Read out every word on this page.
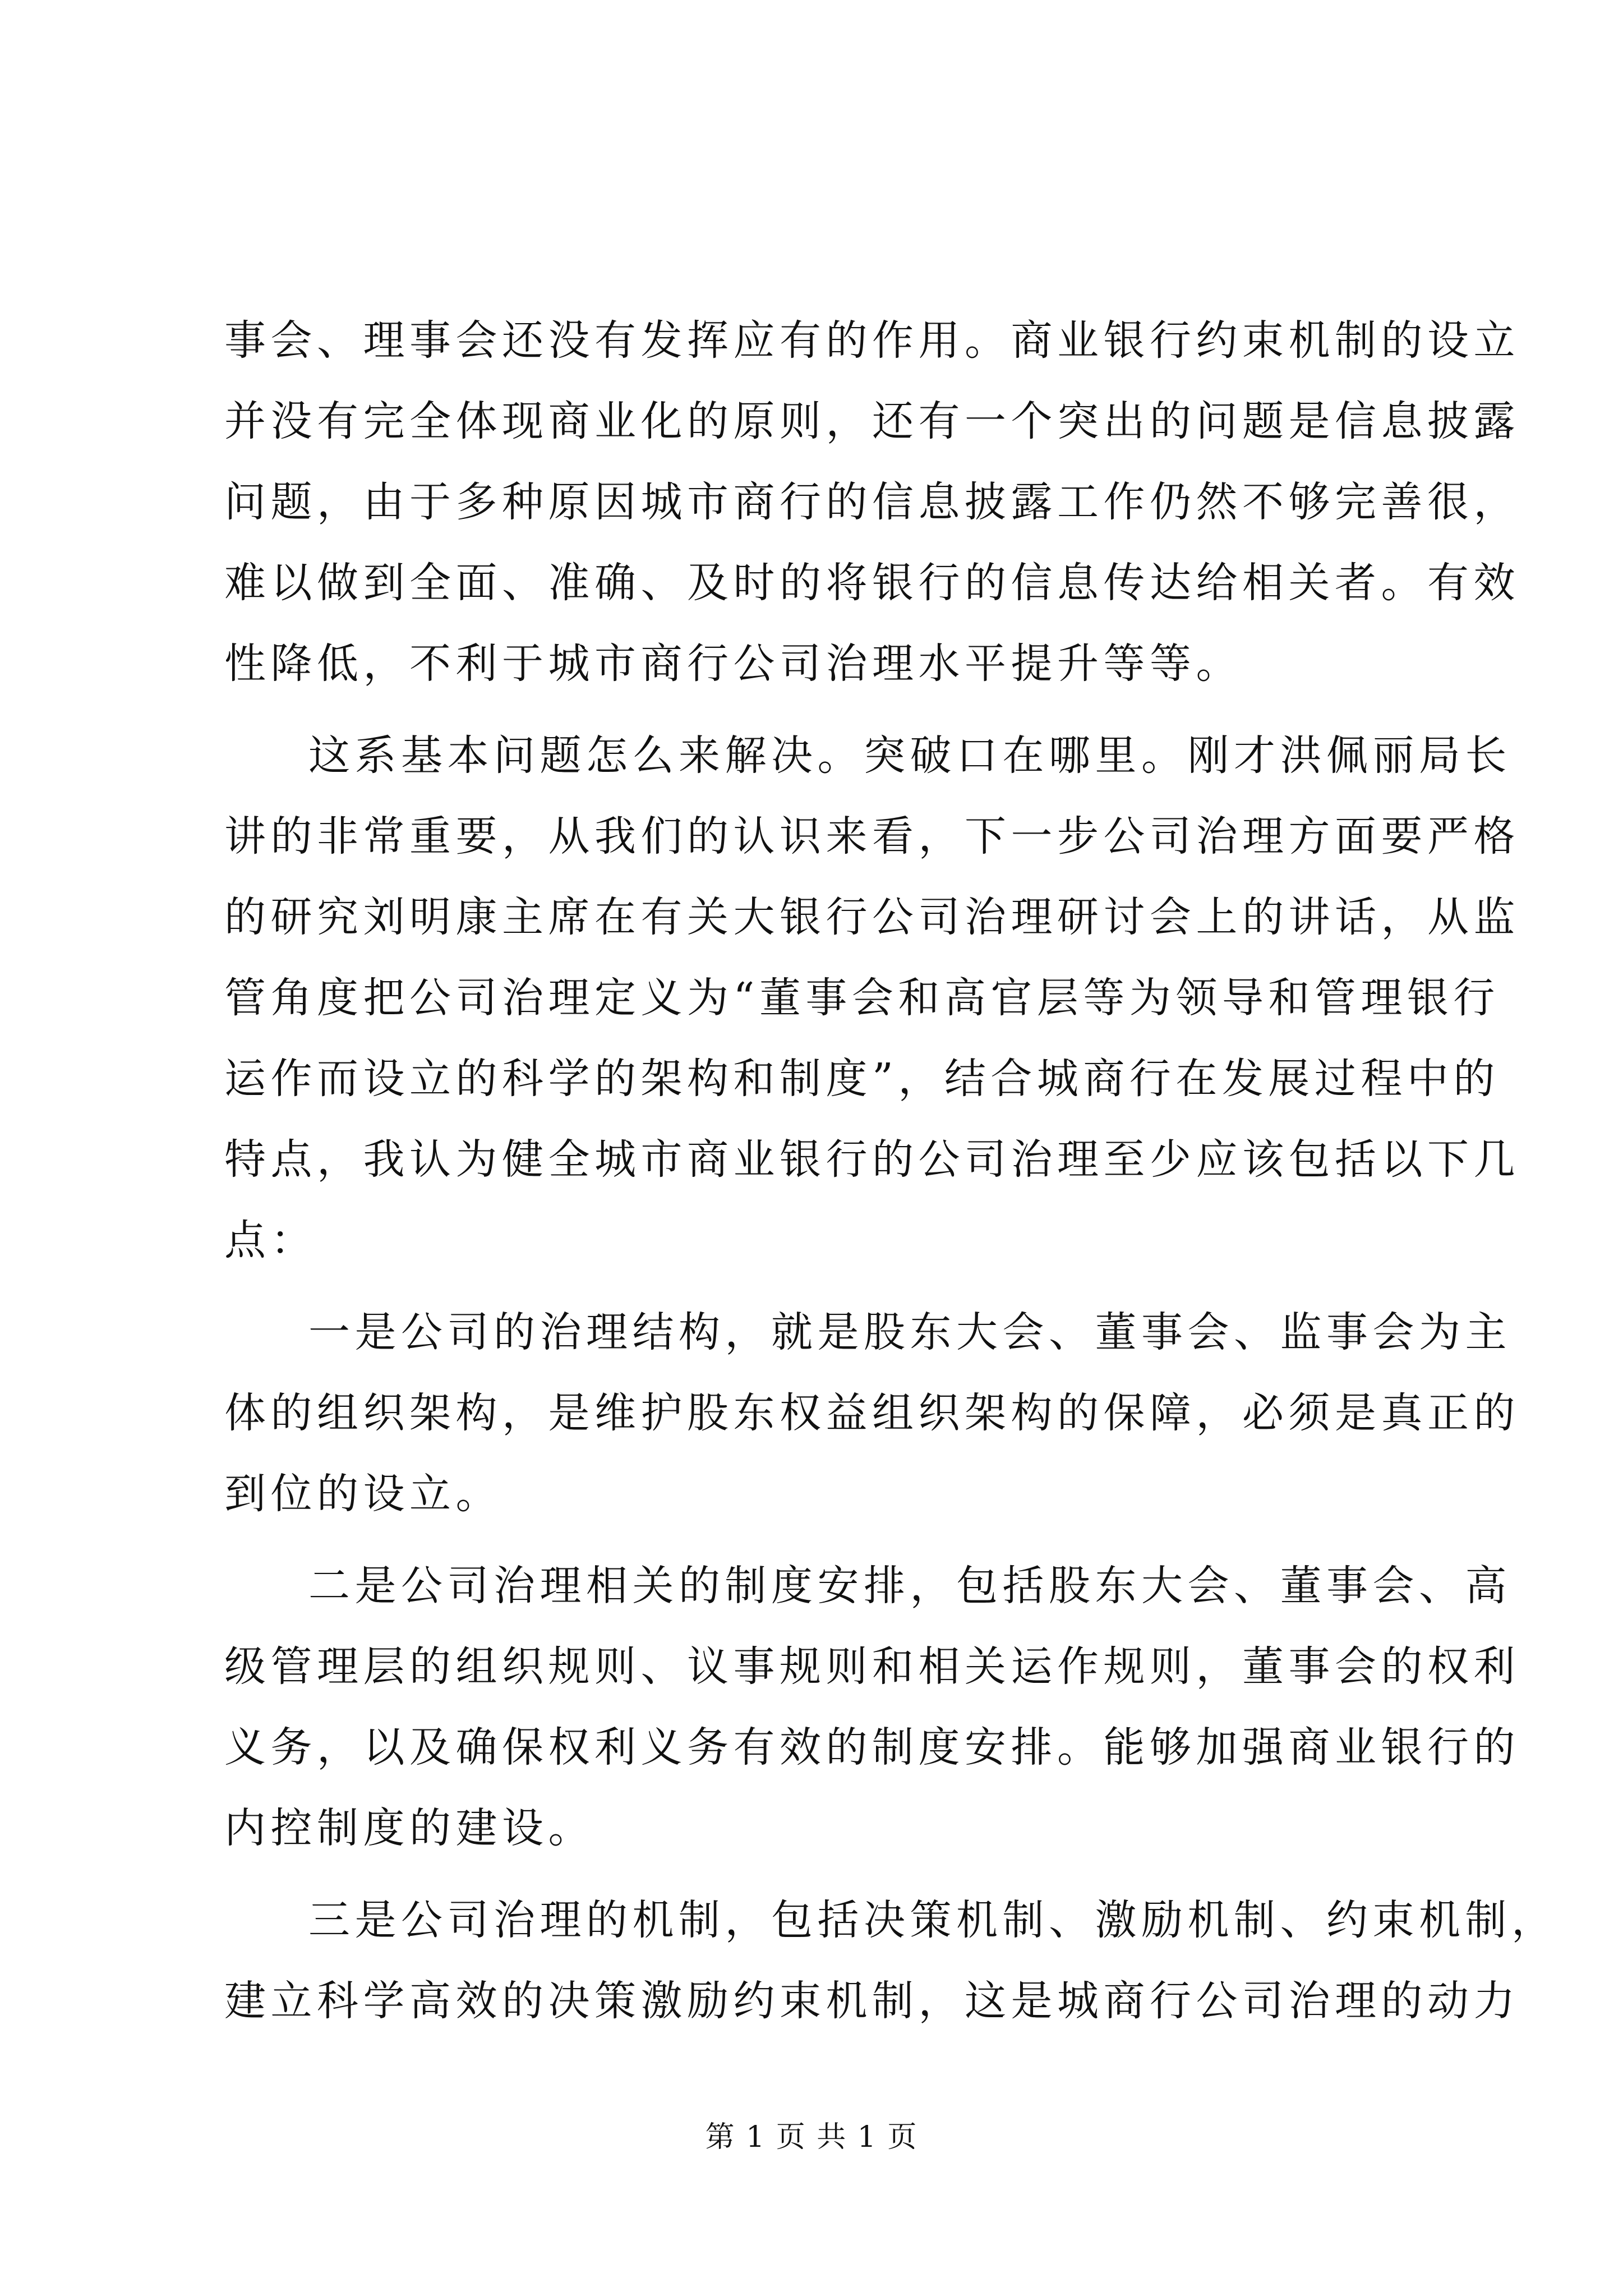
事会、理事会还没有发挥应有的作用。商业银行约束机制的设立
并没有完全体现商业化的原则，还有一个突出的问题是信息披露
问题，由于多种原因城市商行的信息披露工作仍然不够完善很，
难以做到全面、准确、及时的将银行的信息传达给相关者。有效
性降低，不利于城市商行公司治理水平提升等等。
这系基本问题怎么来解决。突破口在哪里。刚才洪佩丽局长
讲的非常重要，从我们的认识来看，下一步公司治理方面要严格
的研究刘明康主席在有关大银行公司治理研讨会上的讲话，从监
管角度把公司治理定义为“董事会和高官层等为领导和管理银行
运作而设立的科学的架构和制度”，结合城商行在发展过程中的
特点，我认为健全城市商业银行的公司治理至少应该包括以下几
点：
一是公司的治理结构，就是股东大会、董事会、监事会为主
体的组织架构，是维护股东权益组织架构的保障，必须是真正的
到位的设立。
二是公司治理相关的制度安排，包括股东大会、董事会、高
级管理层的组织规则、议事规则和相关运作规则，董事会的权利
义务，以及确保权利义务有效的制度安排。能够加强商业银行的
内控制度的建设。
三是公司治理的机制，包括决策机制、激励机制、约束机制，
建立科学高效的决策激励约束机制，这是城商行公司治理的动力
第 1 页 共 1 页
